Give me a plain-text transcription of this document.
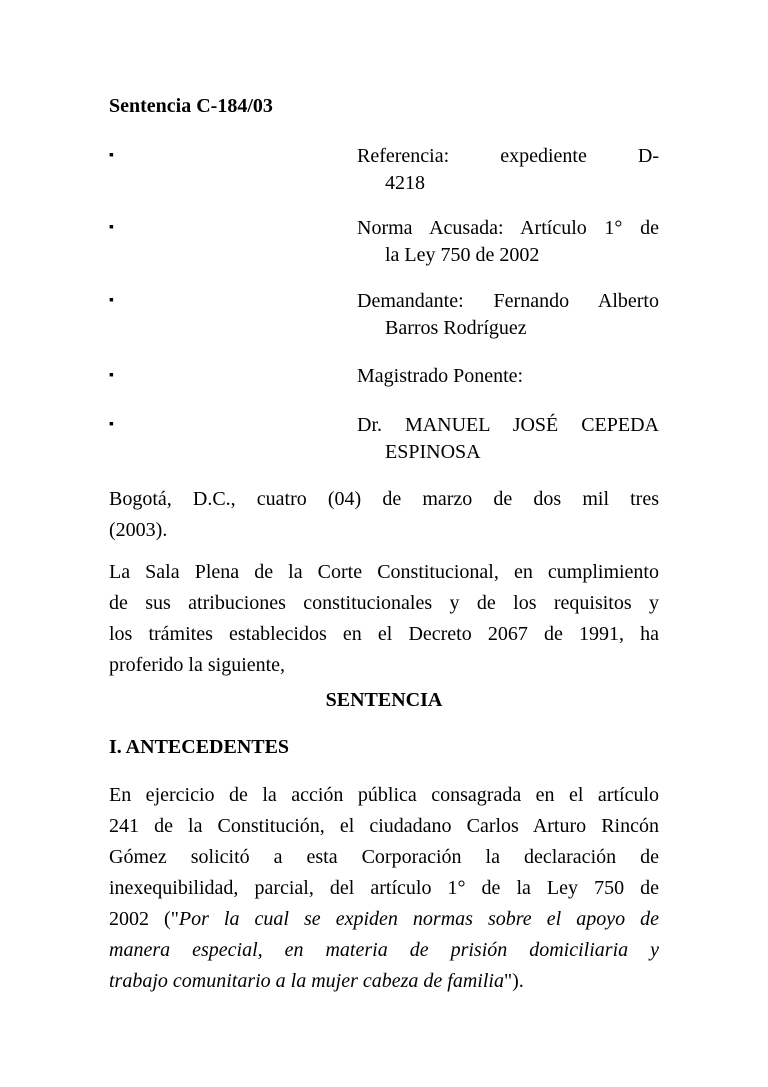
Sentencia C-184/03
▪	Referencia: expediente D-
4218
▪	Norma Acusada: Artículo 1° de
la Ley 750 de 2002
▪	Demandante: Fernando Alberto
Barros Rodríguez
▪	Magistrado Ponente:
▪	Dr. MANUEL JOSÉ CEPEDA
ESPINOSA
Bogotá, D.C., cuatro (04) de marzo de dos mil tres
(2003).
La Sala Plena de la Corte Constitucional, en cumplimiento
de sus atribuciones constitucionales y de los requisitos y
los trámites establecidos en el Decreto 2067 de 1991, ha
proferido la siguiente,
SENTENCIA
I. ANTECEDENTES
En ejercicio de la acción pública consagrada en el artículo
241 de la Constitución, el ciudadano Carlos Arturo Rincón
Gómez solicitó a esta Corporación la declaración de
inexequibilidad, parcial, del artículo 1° de la Ley 750 de
2002 ("Por la cual se expiden normas sobre el apoyo de
manera especial, en materia de prisión domiciliaria y
trabajo comunitario a la mujer cabeza de familia").
